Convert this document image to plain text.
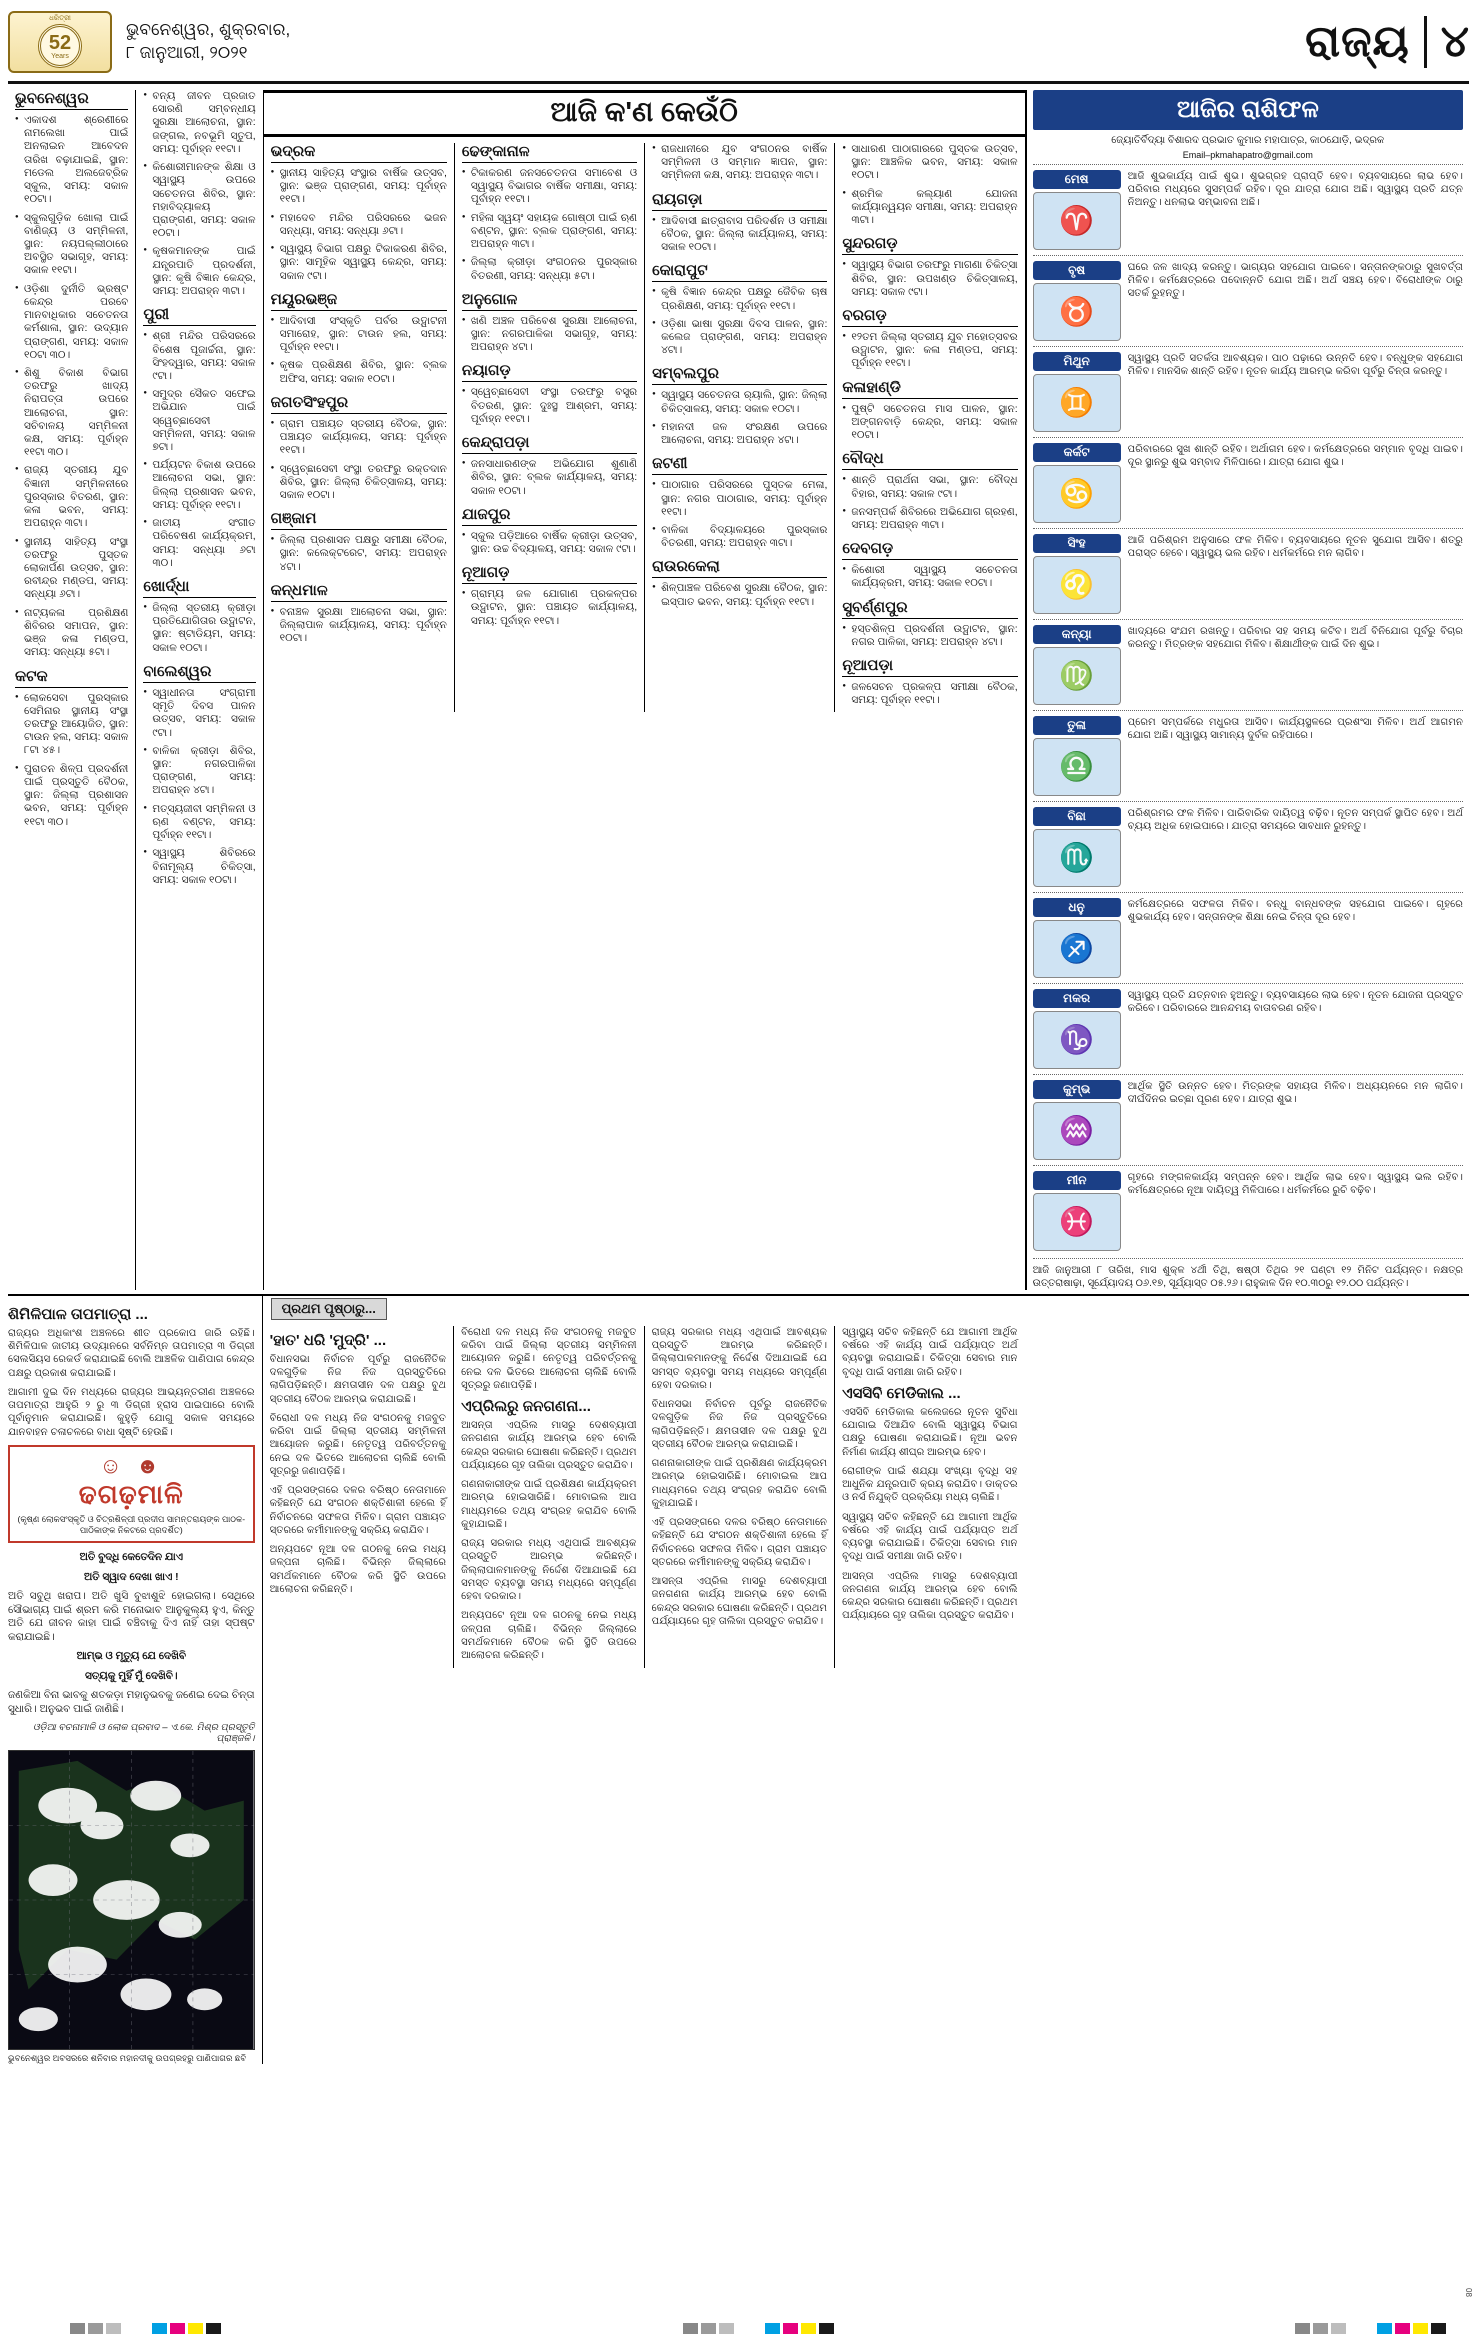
ଧରିତ୍ରୀ
52
Years
ଭୁବନେଶ୍ୱର, ଶୁକ୍ରବାର,
୮ ଜାନୁଆରୀ, ୨୦୨୧	ରାଜ୍ୟ ୪
ଭୁବନେଶ୍ୱର
● ଏକାଦଶ ଶ୍ରେଣୀରେ ନାମଲେଖା ପାଇଁ ଅନଲାଇନ ଆବେଦନ ତାରିଖ ବଢ଼ାଯାଇଛି, ସ୍ଥାନ: ମଡେଲ ଅଲଜେବ୍ରିକ ସ୍କୁଲ, ସମୟ: ସକାଳ ୧୦ଟା।
● ସ୍କୁଲଗୁଡ଼ିକ ଖୋଲା ପାଇଁ ବାଣିଜ୍ୟ ଓ ସମ୍ମିଳନୀ, ସ୍ଥାନ: ନୟପଲ୍ଲୀଠାରେ ଅବସ୍ଥିତ ସଭାଗୃହ, ସମୟ: ସକାଳ ୧୧ଟା।
● ଓଡ଼ିଶା ଦୁର୍ନୀତି ଭ୍ରଷ୍ଟ କେନ୍ଦ୍ର ପରବେ ମାନବାଧିକାର ସଚେତନତା କର୍ମଶାଳା, ସ୍ଥାନ: ଉଦ୍ୟାନ ପ୍ରାଙ୍ଗଣ, ସମୟ: ସକାଳ ୧୦ଟା ୩୦।
● ଶିଶୁ ବିକାଶ ବିଭାଗ ତରଫରୁ ଖାଦ୍ୟ ନିରାପତ୍ତା ଉପରେ ଆଲୋଚନା, ସ୍ଥାନ: ସଚିବାଳୟ ସମ୍ମିଳନୀ କକ୍ଷ, ସମୟ: ପୂର୍ବାହ୍ନ ୧୧ଟା ୩୦।
● ରାଜ୍ୟ ସ୍ତରୀୟ ଯୁବ ବିଜ୍ଞାନୀ ସମ୍ମିଳନୀରେ ପୁରସ୍କାର ବିତରଣ, ସ୍ଥାନ: କଳା ଭବନ, ସମୟ: ଅପରାହ୍ନ ୩ଟା।
● ସ୍ଥାନୀୟ ସାହିତ୍ୟ ସଂସ୍ଥା ତରଫରୁ ପୁସ୍ତକ ଲୋକାର୍ପଣ ଉତ୍ସବ, ସ୍ଥାନ: ରବୀନ୍ଦ୍ର ମଣ୍ଡପ, ସମୟ: ସନ୍ଧ୍ୟା ୬ଟା।
● ନାଟ୍ୟକଳା ପ୍ରଶିକ୍ଷଣ ଶିବିରର ସମାପନ, ସ୍ଥାନ: ଭଞ୍ଜ କଳା ମଣ୍ଡପ, ସମୟ: ସନ୍ଧ୍ୟା ୫ଟା।
କଟକ
● ଲୋକସେବା ପୁରସ୍କାର ସେମିନାର ସ୍ଥାନୀୟ ସଂସ୍ଥା ତରଫରୁ ଆୟୋଜିତ, ସ୍ଥାନ: ଟାଉନ ହଲ, ସମୟ: ସକାଳ ୮ଟା ୪୫।
● ପୁରାତନ ଶିଳ୍ପ ପ୍ରଦର୍ଶନୀ ପାଇଁ ପ୍ରସ୍ତୁତି ବୈଠକ, ସ୍ଥାନ: ଜିଲ୍ଲା ପ୍ରଶାସନ ଭବନ, ସମୟ: ପୂର୍ବାହ୍ନ ୧୧ଟା ୩୦।
● ବନ୍ୟ ଜୀବନ ପ୍ରଜାତ ସୋରଣି ସମ୍ବନ୍ଧୀୟ ସୁରକ୍ଷା ଆଲୋଚନା, ସ୍ଥାନ: ଜଙ୍ଗଲ, ନବଭୂମି ସ୍ତୁପ, ସମୟ: ପୂର୍ବାହ୍ନ ୧୧ଟା।
● କିଶୋରୀମାନଙ୍କ ଶିକ୍ଷା ଓ ସ୍ୱାସ୍ଥ୍ୟ ଉପରେ ସଚେତନତା ଶିବିର, ସ୍ଥାନ: ମହାବିଦ୍ୟାଳୟ ପ୍ରାଙ୍ଗଣ, ସମୟ: ସକାଳ ୧୦ଟା।
● କୃଷକମାନଙ୍କ ପାଇଁ ଯନ୍ତ୍ରପାତି ପ୍ରଦର୍ଶନୀ, ସ୍ଥାନ: କୃଷି ବିଜ୍ଞାନ କେନ୍ଦ୍ର, ସମୟ: ଅପରାହ୍ନ ୩ଟା।
ପୁରୀ
● ଶ୍ରୀ ମନ୍ଦିର ପରିସରରେ ବିଶେଷ ପୂଜାର୍ଚ୍ଚନା, ସ୍ଥାନ: ସିଂହଦ୍ୱାର, ସମୟ: ସକାଳ ୯ଟା।
● ସମୁଦ୍ର ସୈକତ ସଫେଇ ଅଭିଯାନ ପାଇଁ ସ୍ୱେଚ୍ଛାସେବୀ ସମ୍ମିଳନୀ, ସମୟ: ସକାଳ ୭ଟା।
● ପର୍ଯ୍ୟଟନ ବିକାଶ ଉପରେ ଆଲୋଚନା ସଭା, ସ୍ଥାନ: ଜିଲ୍ଲା ପ୍ରଶାସନ ଭବନ, ସମୟ: ପୂର୍ବାହ୍ନ ୧୧ଟା।
● ଜାତୀୟ ସଂଗୀତ ପରିବେଷଣ କାର୍ଯ୍ୟକ୍ରମ, ସମୟ: ସନ୍ଧ୍ୟା ୬ଟା ୩୦।
ଖୋର୍ଦ୍ଧା
● ଜିଲ୍ଲା ସ୍ତରୀୟ କ୍ରୀଡ଼ା ପ୍ରତିଯୋଗିତାର ଉଦ୍ଘାଟନ, ସ୍ଥାନ: ଷ୍ଟାଡିୟମ, ସମୟ: ସକାଳ ୧୦ଟା।
ବାଲେଶ୍ୱର
● ସ୍ୱାଧୀନତା ସଂଗ୍ରାମୀ ସ୍ମୃତି ଦିବସ ପାଳନ ଉତ୍ସବ, ସମୟ: ସକାଳ ୯ଟା।
● ବାଳିକା କ୍ରୀଡ଼ା ଶିବିର, ସ୍ଥାନ: ନଗରପାଳିକା ପ୍ରାଙ୍ଗଣ, ସମୟ: ଅପରାହ୍ନ ୪ଟା।
● ମତ୍ସ୍ୟଜୀବୀ ସମ୍ମିଳନୀ ଓ ଋଣ ବଣ୍ଟନ, ସମୟ: ପୂର୍ବାହ୍ନ ୧୧ଟା।
● ସ୍ୱାସ୍ଥ୍ୟ ଶିବିରରେ ବିନାମୂଲ୍ୟ ଚିକିତ୍ସା, ସମୟ: ସକାଳ ୧୦ଟା।
ଆଜି କ'ଣ କେଉଁଠି
ଭଦ୍ରକ
● ସ୍ଥାନୀୟ ସାହିତ୍ୟ ସଂସ୍ଥାର ବାର୍ଷିକ ଉତ୍ସବ, ସ୍ଥାନ: ଭଞ୍ଜ ପ୍ରାଙ୍ଗଣ, ସମୟ: ପୂର୍ବାହ୍ନ ୧୧ଟା।
● ମହାଦେବ ମନ୍ଦିର ପରିସରରେ ଭଜନ ସନ୍ଧ୍ୟା, ସମୟ: ସନ୍ଧ୍ୟା ୬ଟା।
● ସ୍ୱାସ୍ଥ୍ୟ ବିଭାଗ ପକ୍ଷରୁ ଟିକାକରଣ ଶିବିର, ସ୍ଥାନ: ସାମୂହିକ ସ୍ୱାସ୍ଥ୍ୟ କେନ୍ଦ୍ର, ସମୟ: ସକାଳ ୯ଟା।
ମୟୂରଭଞ୍ଜ
● ଆଦିବାସୀ ସଂସ୍କୃତି ପର୍ବର ଉଦ୍ଘାଟନୀ ସମାରୋହ, ସ୍ଥାନ: ଟାଉନ ହଲ, ସମୟ: ପୂର୍ବାହ୍ନ ୧୧ଟା।
● କୃଷକ ପ୍ରଶିକ୍ଷଣ ଶିବିର, ସ୍ଥାନ: ବ୍ଲକ ଅଫିସ, ସମୟ: ସକାଳ ୧୦ଟା।
ଜଗତସିଂହପୁର
● ଗ୍ରାମ ପଞ୍ଚାୟତ ସ୍ତରୀୟ ବୈଠକ, ସ୍ଥାନ: ପଞ୍ଚାୟତ କାର୍ଯ୍ୟାଳୟ, ସମୟ: ପୂର୍ବାହ୍ନ ୧୧ଟା।
● ସ୍ୱେଚ୍ଛାସେବୀ ସଂସ୍ଥା ତରଫରୁ ରକ୍ତଦାନ ଶିବିର, ସ୍ଥାନ: ଜିଲ୍ଲା ଚିକିତ୍ସାଳୟ, ସମୟ: ସକାଳ ୧୦ଟା।
ଗଞ୍ଜାମ
● ଜିଲ୍ଲା ପ୍ରଶାସନ ପକ୍ଷରୁ ସମୀକ୍ଷା ବୈଠକ, ସ୍ଥାନ: କଲେକ୍ଟରେଟ, ସମୟ: ଅପରାହ୍ନ ୪ଟା।
କନ୍ଧମାଳ
● ବନାଞ୍ଚଳ ସୁରକ୍ଷା ଆଲୋଚନା ସଭା, ସ୍ଥାନ: ଜିଲ୍ଲାପାଳ କାର୍ଯ୍ୟାଳୟ, ସମୟ: ପୂର୍ବାହ୍ନ ୧୦ଟା।
ଢେଙ୍କାନାଳ
● ଟିକାକରଣ ଜନସଚେତନତା ସମାବେଶ ଓ ସ୍ୱାସ୍ଥ୍ୟ ବିଭାଗର ବାର୍ଷିକ ସମୀକ୍ଷା, ସମୟ: ପୂର୍ବାହ୍ନ ୧୧ଟା।
● ମହିଳା ସ୍ୱୟଂ ସହାୟକ ଗୋଷ୍ଠୀ ପାଇଁ ଋଣ ବଣ୍ଟନ, ସ୍ଥାନ: ବ୍ଲକ ପ୍ରାଙ୍ଗଣ, ସମୟ: ଅପରାହ୍ନ ୩ଟା।
● ଜିଲ୍ଲା କ୍ରୀଡ଼ା ସଂଗଠନର ପୁରସ୍କାର ବିତରଣୀ, ସମୟ: ସନ୍ଧ୍ୟା ୫ଟା।
ଅନୁଗୋଳ
● ଖଣି ଅଞ୍ଚଳ ପରିବେଶ ସୁରକ୍ଷା ଆଲୋଚନା, ସ୍ଥାନ: ନଗରପାଳିକା ସଭାଗୃହ, ସମୟ: ଅପରାହ୍ନ ୪ଟା।
ନୟାଗଡ଼
● ସ୍ୱେଚ୍ଛାସେବୀ ସଂସ୍ଥା ତରଫରୁ ବସ୍ତ୍ର ବିତରଣ, ସ୍ଥାନ: ଦୁଃସ୍ଥ ଆଶ୍ରମ, ସମୟ: ପୂର୍ବାହ୍ନ ୧୧ଟା।
କେନ୍ଦ୍ରାପଡ଼ା
● ଜନସାଧାରଣଙ୍କ ଅଭିଯୋଗ ଶୁଣାଣି ଶିବିର, ସ୍ଥାନ: ବ୍ଲକ କାର୍ଯ୍ୟାଳୟ, ସମୟ: ସକାଳ ୧୦ଟା।
ଯାଜପୁର
● ସ୍କୁଲ ପଡ଼ିଆରେ ବାର୍ଷିକ କ୍ରୀଡ଼ା ଉତ୍ସବ, ସ୍ଥାନ: ଉଚ୍ଚ ବିଦ୍ୟାଳୟ, ସମୟ: ସକାଳ ୯ଟା।
ନୂଆଗଡ଼
● ଗ୍ରାମ୍ୟ ଜଳ ଯୋଗାଣ ପ୍ରକଳ୍ପର ଉଦ୍ଘାଟନ, ସ୍ଥାନ: ପଞ୍ଚାୟତ କାର୍ଯ୍ୟାଳୟ, ସମୟ: ପୂର୍ବାହ୍ନ ୧୧ଟା।
● ରାଜଧାନୀରେ ଯୁବ ସଂଗଠନର ବାର୍ଷିକ ସମ୍ମିଳନୀ ଓ ସମ୍ମାନ ଜ୍ଞାପନ, ସ୍ଥାନ: ସମ୍ମିଳନୀ କକ୍ଷ, ସମୟ: ଅପରାହ୍ନ ୩ଟା।
ରାୟଗଡ଼ା
● ଆଦିବାସୀ ଛାତ୍ରାବାସ ପରିଦର୍ଶନ ଓ ସମୀକ୍ଷା ବୈଠକ, ସ୍ଥାନ: ଜିଲ୍ଲା କାର୍ଯ୍ୟାଳୟ, ସମୟ: ସକାଳ ୧୦ଟା।
କୋରାପୁଟ
● କୃଷି ବିଜ୍ଞାନ କେନ୍ଦ୍ର ପକ୍ଷରୁ ଜୈବିକ ଚାଷ ପ୍ରଶିକ୍ଷଣ, ସମୟ: ପୂର୍ବାହ୍ନ ୧୧ଟା।
● ଓଡ଼ିଶା ଭାଷା ସୁରକ୍ଷା ଦିବସ ପାଳନ, ସ୍ଥାନ: କଲେଜ ପ୍ରାଙ୍ଗଣ, ସମୟ: ଅପରାହ୍ନ ୪ଟା।
ସମ୍ବଲପୁର
● ସ୍ୱାସ୍ଥ୍ୟ ସଚେତନତା ର‌୍ୟାଲି, ସ୍ଥାନ: ଜିଲ୍ଲା ଚିକିତ୍ସାଳୟ, ସମୟ: ସକାଳ ୧୦ଟା।
● ମହାନଦୀ ଜଳ ସଂରକ୍ଷଣ ଉପରେ ଆଲୋଚନା, ସମୟ: ଅପରାହ୍ନ ୪ଟା।
ଜଟଣୀ
● ପାଠାଗାର ପରିସରରେ ପୁସ୍ତକ ମେଳା, ସ୍ଥାନ: ନଗର ପାଠାଗାର, ସମୟ: ପୂର୍ବାହ୍ନ ୧୧ଟା।
● ବାଳିକା ବିଦ୍ୟାଳୟରେ ପୁରସ୍କାର ବିତରଣୀ, ସମୟ: ଅପରାହ୍ନ ୩ଟା।
ରାଉରକେଲା
● ଶିଳ୍ପାଞ୍ଚଳ ପରିବେଶ ସୁରକ୍ଷା ବୈଠକ, ସ୍ଥାନ: ଇସ୍ପାତ ଭବନ, ସମୟ: ପୂର୍ବାହ୍ନ ୧୧ଟା।
● ସାଧାରଣ ପାଠାଗାରରେ ପୁସ୍ତକ ଉତ୍ସବ, ସ୍ଥାନ: ଆଞ୍ଚଳିକ ଭବନ, ସମୟ: ସକାଳ ୧୦ଟା।
● ଶ୍ରମିକ କଲ୍ୟାଣ ଯୋଜନା କାର୍ଯ୍ୟାନ୍ୱୟନ ସମୀକ୍ଷା, ସମୟ: ଅପରାହ୍ନ ୩ଟା।
ସୁନ୍ଦରଗଡ଼
● ସ୍ୱାସ୍ଥ୍ୟ ବିଭାଗ ତରଫରୁ ମାଗଣା ଚିକିତ୍ସା ଶିବିର, ସ୍ଥାନ: ଉପଖଣ୍ଡ ଚିକିତ୍ସାଳୟ, ସମୟ: ସକାଳ ୯ଟା।
ବରଗଡ଼
● ୧୨ତମ ଜିଲ୍ଲା ସ୍ତରୀୟ ଯୁବ ମହୋତ୍ସବର ଉଦ୍ଘାଟନ, ସ୍ଥାନ: କଳା ମଣ୍ଡପ, ସମୟ: ପୂର୍ବାହ୍ନ ୧୧ଟା।
କଳାହାଣ୍ଡି
● ପୁଷ୍ଟି ସଚେତନତା ମାସ ପାଳନ, ସ୍ଥାନ: ଅଙ୍ଗନବାଡ଼ି କେନ୍ଦ୍ର, ସମୟ: ସକାଳ ୧୦ଟା।
ବୌଦ୍ଧ
● ଶାନ୍ତି ପ୍ରାର୍ଥନା ସଭା, ସ୍ଥାନ: ବୌଦ୍ଧ ବିହାର, ସମୟ: ସକାଳ ୯ଟା।
● ଜନସମ୍ପର୍କ ଶିବିରରେ ଅଭିଯୋଗ ଗ୍ରହଣ, ସମୟ: ଅପରାହ୍ନ ୩ଟା।
ଦେବଗଡ଼
● କିଶୋରୀ ସ୍ୱାସ୍ଥ୍ୟ ସଚେତନତା କାର୍ଯ୍ୟକ୍ରମ, ସମୟ: ସକାଳ ୧୦ଟା।
ସୁବର୍ଣ୍ଣପୁର
● ହସ୍ତଶିଳ୍ପ ପ୍ରଦର୍ଶନୀ ଉଦ୍ଘାଟନ, ସ୍ଥାନ: ନଗର ପାଳିକା, ସମୟ: ଅପରାହ୍ନ ୪ଟା।
ନୂଆପଡ଼ା
● ଜଳସେଚନ ପ୍ରକଳ୍ପ ସମୀକ୍ଷା ବୈଠକ, ସମୟ: ପୂର୍ବାହ୍ନ ୧୧ଟା।
ଆଜିର ରାଶିଫଳ
ଜ୍ୟୋତିର୍ବିଦ୍ୟା ବିଶାରଦ ପ୍ରଭାତ କୁମାର ମହାପାତ୍ର, କାଠଯୋଡ଼ି, ଭଦ୍ରକ
Email–pkmahapatro@gmail.com
ମେଷ
♈
ଆଜି ଶୁଭକାର୍ଯ୍ୟ ପାଇଁ ଶୁଭ। ଶୁଭଗ୍ରହ ପ୍ରାପ୍ତି ହେବ। ବ୍ୟବସାୟରେ ଲାଭ ହେବ। ପରିବାର ମଧ୍ୟରେ ସୁସମ୍ପର୍କ ରହିବ। ଦୂର ଯାତ୍ରା ଯୋଗ ଅଛି। ସ୍ୱାସ୍ଥ୍ୟ ପ୍ରତି ଯତ୍ନ ନିଅନ୍ତୁ। ଧନଲାଭ ସମ୍ଭାବନା ଅଛି।
ବୃଷ
♉
ଘରେ ଜଳ ଖାଦ୍ୟ କରନ୍ତୁ। ଭାଗ୍ୟର ସହଯୋଗ ପାଇବେ। ସନ୍ତାନଙ୍କଠାରୁ ସୁଖବର୍ତ୍ତା ମିଳିବ। କର୍ମକ୍ଷେତ୍ରରେ ପଦୋନ୍ନତି ଯୋଗ ଅଛି। ଅର୍ଥ ସଞ୍ଚୟ ହେବ। ବିରୋଧୀଙ୍କ ଠାରୁ ସତର୍କ ରୁହନ୍ତୁ।
ମିଥୁନ
♊
ସ୍ୱାସ୍ଥ୍ୟ ପ୍ରତି ସତର୍କତା ଆବଶ୍ୟକ। ପାଠ ପଢ଼ାରେ ଉନ୍ନତି ହେବ। ବନ୍ଧୁଙ୍କ ସହଯୋଗ ମିଳିବ। ମାନସିକ ଶାନ୍ତି ରହିବ। ନୂତନ କାର୍ଯ୍ୟ ଆରମ୍ଭ କରିବା ପୂର୍ବରୁ ଚିନ୍ତା କରନ୍ତୁ।
କର୍କଟ
♋
ପରିବାରରେ ସୁଖ ଶାନ୍ତି ରହିବ। ଅର୍ଥାଗମ ହେବ। କର୍ମକ୍ଷେତ୍ରରେ ସମ୍ମାନ ବୃଦ୍ଧି ପାଇବ। ଦୂର ସ୍ଥାନରୁ ଶୁଭ ସମ୍ବାଦ ମିଳିପାରେ। ଯାତ୍ରା ଯୋଗ ଶୁଭ।
ସିଂହ
♌
ଆଜି ପରିଶ୍ରମ ଅନୁସାରେ ଫଳ ମିଳିବ। ବ୍ୟବସାୟରେ ନୂତନ ସୁଯୋଗ ଆସିବ। ଶତ୍ରୁ ପରାସ୍ତ ହେବେ। ସ୍ୱାସ୍ଥ୍ୟ ଭଲ ରହିବ। ଧର୍ମକର୍ମରେ ମନ ଲାଗିବ।
କନ୍ୟା
♍
ଖାଦ୍ୟରେ ସଂଯମ ରଖନ୍ତୁ। ପରିବାର ସହ ସମୟ କଟିବ। ଅର୍ଥ ବିନିଯୋଗ ପୂର୍ବରୁ ବିଚାର କରନ୍ତୁ। ମିତ୍ରଙ୍କ ସହଯୋଗ ମିଳିବ। ଶିକ୍ଷାର୍ଥୀଙ୍କ ପାଇଁ ଦିନ ଶୁଭ।
ତୁଳା
♎
ପ୍ରେମ ସମ୍ପର୍କରେ ମଧୁରତା ଆସିବ। କାର୍ଯ୍ୟସ୍ଥଳରେ ପ୍ରଶଂସା ମିଳିବ। ଅର୍ଥ ଆଗମନ ଯୋଗ ଅଛି। ସ୍ୱାସ୍ଥ୍ୟ ସାମାନ୍ୟ ଦୁର୍ବଳ ରହିପାରେ।
ବିଛା
♏
ପରିଶ୍ରମର ଫଳ ମିଳିବ। ପାରିବାରିକ ଦାୟିତ୍ୱ ବଢ଼ିବ। ନୂତନ ସମ୍ପର୍କ ସ୍ଥାପିତ ହେବ। ଅର୍ଥ ବ୍ୟୟ ଅଧିକ ହୋଇପାରେ। ଯାତ୍ରା ସମୟରେ ସାବଧାନ ରୁହନ୍ତୁ।
ଧନୁ
♐
କର୍ମକ୍ଷେତ୍ରରେ ସଫଳତା ମିଳିବ। ବନ୍ଧୁ ବାନ୍ଧବଙ୍କ ସହଯୋଗ ପାଇବେ। ଗୃହରେ ଶୁଭକାର୍ଯ୍ୟ ହେବ। ସନ୍ତାନଙ୍କ ଶିକ୍ଷା ନେଇ ଚିନ୍ତା ଦୂର ହେବ।
ମକର
♑
ସ୍ୱାସ୍ଥ୍ୟ ପ୍ରତି ଯତ୍ନବାନ ହୁଅନ୍ତୁ। ବ୍ୟବସାୟରେ ଲାଭ ହେବ। ନୂତନ ଯୋଜନା ପ୍ରସ୍ତୁତ କରିବେ। ପରିବାରରେ ଆନନ୍ଦମୟ ବାତାବରଣ ରହିବ।
କୁମ୍ଭ
♒
ଆର୍ଥିକ ସ୍ଥିତି ଉନ୍ନତ ହେବ। ମିତ୍ରଙ୍କ ସହାୟତା ମିଳିବ। ଅଧ୍ୟୟନରେ ମନ ଲାଗିବ। ଦୀର୍ଘଦିନର ଇଚ୍ଛା ପୂରଣ ହେବ। ଯାତ୍ରା ଶୁଭ।
ମୀନ
♓
ଗୃହରେ ମଙ୍ଗଳକାର୍ଯ୍ୟ ସମ୍ପନ୍ନ ହେବ। ଆର୍ଥିକ ଲାଭ ହେବ। ସ୍ୱାସ୍ଥ୍ୟ ଭଲ ରହିବ। କର୍ମକ୍ଷେତ୍ରରେ ନୂଆ ଦାୟିତ୍ୱ ମିଳିପାରେ। ଧର୍ମକର୍ମରେ ରୁଚି ବଢ଼ିବ।
ଆଜି ଜାନୁଆରୀ ୮ ତାରିଖ, ମାସ ଶୁକ୍ଳ ୪ର୍ଥୀ ତିଥି, ଷଷ୍ଠୀ ତିଥିର ୨୧ ଘଣ୍ଟା ୧୨ ମିନିଟ ପର୍ଯ୍ୟନ୍ତ। ନକ୍ଷତ୍ର ଉତ୍ତରାଷାଢ଼ା, ସୂର୍ଯ୍ୟୋଦୟ ୦୬.୧୭, ସୂର୍ଯ୍ୟାସ୍ତ ୦୫.୨୬। ରାହୁକାଳ ଦିନ ୧୦.୩୦ରୁ ୧୨.୦୦ ପର୍ଯ୍ୟନ୍ତ।
ଶିମିଳିପାଳ ତାପମାତ୍ରା ...

ରାଜ୍ୟର ଅଧିକାଂଶ ଅଞ୍ଚଳରେ ଶୀତ ପ୍ରକୋପ ଜାରି ରହିଛି। ଶିମିଳିପାଳ ଜାତୀୟ ଉଦ୍ୟାନରେ ସର୍ବନିମ୍ନ ତାପମାତ୍ରା ୩ ଡିଗ୍ରୀ ସେଲସିୟସ ରେକର୍ଡ କରାଯାଇଛି ବୋଲି ଆଞ୍ଚଳିକ ପାଣିପାଗ କେନ୍ଦ୍ର ପକ୍ଷରୁ ପ୍ରକାଶ କରାଯାଇଛି।

ଆଗାମୀ ଦୁଇ ଦିନ ମଧ୍ୟରେ ରାଜ୍ୟର ଆଭ୍ୟନ୍ତରୀଣ ଅଞ୍ଚଳରେ ତାପମାତ୍ରା ଆହୁରି ୨ ରୁ ୩ ଡିଗ୍ରୀ ହ୍ରାସ ପାଇପାରେ ବୋଲି ପୂର୍ବାନୁମାନ କରାଯାଇଛି। କୁହୁଡ଼ି ଯୋଗୁ ସକାଳ ସମୟରେ ଯାନବାହନ ଚଳାଚଳରେ ବାଧା ସୃଷ୍ଟି ହେଉଛି।

☺ ☻
ଢଗଢ଼ମାଳି
(କୃଷ୍ଣ ଲୋକସଂସ୍କୃତି ଓ ଚିତ୍ରଶିଳ୍ପୀ ପ୍ରଦୀପ ସାମନ୍ତରାୟଙ୍କ ପାଠକ-ପାଠିକାଙ୍କ ନିକଟରେ ପ୍ରଦର୍ଶିତ)
ଅତି ବୁଦ୍ଧି କେତେଦିନ ଯାଏ
ଅତି ସ୍ୱାଦ ଦେଖା ଖାଏ !
ଅତି ସବୁଥି ଖରାପ। ଅତି ଖୁସି ବୁଝାଶୁଝି ହୋଇଗଲା। ସେଥିରେ ସୌଭାଗ୍ୟ ପାଇଁ ଶ୍ରମ କରି ମନୋଭାବ ଆନୁକୁଲ୍ୟ ହୁଏ, କିନ୍ତୁ ଅତି ଯେ ଜୀବନ କାହା ପାଇଁ ବଞ୍ଚିବାକୁ ଦିଏ ନାହିଁ ତାହା ସ୍ପଷ୍ଟ କରାଯାଇଛି।
ଆମ୍ଭ ଓ ମୃତ୍ୟୁ ଯେ ଦେଖିବି
ସତ୍ୟକୁ ମୁହିଁ ମୁଁ ଦେଖିବି।
ଜଣକିଆ ବିନା ଭାବକୁ ଶତକଡ଼ା ମହାନୁଭବକୁ ଜଣେଇ ଦେଇ ଚିନ୍ତା ସୁଧାରି। ଅନୁଭବ ପାଇଁ ଜାଣିଛି।
ଓଡ଼ିଆ ବଚନାମାଳି ଓ ଲୋକ ପ୍ରବାଦ – ଏ.କେ. ମିଶ୍ର ପ୍ରସ୍ତୁତି ପ୍ରାଞ୍ଜଳି।
ଭୁବନେଶ୍ୱର ଅବସରରେ ଶନିବାର ମହାନଦୀକୁ ଉପଗ୍ରହରୁ ପାଣିପାଗର ଛବି
ପ୍ରଥମ ପୃଷ୍ଠାରୁ...
'ହାତ' ଧରି 'ମୁଦ୍ରି' ...

ବିଧାନସଭା ନିର୍ବାଚନ ପୂର୍ବରୁ ରାଜନୈତିକ ଦଳଗୁଡ଼ିକ ନିଜ ନିଜ ପ୍ରସ୍ତୁତିରେ ଲାଗିପଡ଼ିଛନ୍ତି। କ୍ଷମତାସୀନ ଦଳ ପକ୍ଷରୁ ବୁଥ ସ୍ତରୀୟ ବୈଠକ ଆରମ୍ଭ କରାଯାଇଛି।

ବିରୋଧୀ ଦଳ ମଧ୍ୟ ନିଜ ସଂଗଠନକୁ ମଜବୁତ କରିବା ପାଇଁ ଜିଲ୍ଲା ସ୍ତରୀୟ ସମ୍ମିଳନୀ ଆୟୋଜନ କରୁଛି। ନେତୃତ୍ୱ ପରିବର୍ତ୍ତନକୁ ନେଇ ଦଳ ଭିତରେ ଆଲୋଚନା ଚାଲିଛି ବୋଲି ସୂତ୍ରରୁ ଜଣାପଡ଼ିଛି।

ଏହି ପ୍ରସଙ୍ଗରେ ଦଳର ବରିଷ୍ଠ ନେତାମାନେ କହିଛନ୍ତି ଯେ ସଂଗଠନ ଶକ୍ତିଶାଳୀ ହେଲେ ହିଁ ନିର୍ବାଚନରେ ସଫଳତା ମିଳିବ। ଗ୍ରାମ ପଞ୍ଚାୟତ ସ୍ତରରେ କର୍ମୀମାନଙ୍କୁ ସକ୍ରିୟ କରାଯିବ।

ଅନ୍ୟପଟେ ନୂଆ ଦଳ ଗଠନକୁ ନେଇ ମଧ୍ୟ ଜଳ୍ପନା ଚାଲିଛି। ବିଭିନ୍ନ ଜିଲ୍ଲାରେ ସମର୍ଥକମାନେ ବୈଠକ କରି ସ୍ଥିତି ଉପରେ ଆଲୋଚନା କରିଛନ୍ତି।

ବିରୋଧୀ ଦଳ ମଧ୍ୟ ନିଜ ସଂଗଠନକୁ ମଜବୁତ କରିବା ପାଇଁ ଜିଲ୍ଲା ସ୍ତରୀୟ ସମ୍ମିଳନୀ ଆୟୋଜନ କରୁଛି। ନେତୃତ୍ୱ ପରିବର୍ତ୍ତନକୁ ନେଇ ଦଳ ଭିତରେ ଆଲୋଚନା ଚାଲିଛି ବୋଲି ସୂତ୍ରରୁ ଜଣାପଡ଼ିଛି।

ଏପ୍ରିଲରୁ ଜନଗଣନା...

ଆସନ୍ତା ଏପ୍ରିଲ ମାସରୁ ଦେଶବ୍ୟାପୀ ଜନଗଣନା କାର୍ଯ୍ୟ ଆରମ୍ଭ ହେବ ବୋଲି କେନ୍ଦ୍ର ସରକାର ଘୋଷଣା କରିଛନ୍ତି। ପ୍ରଥମ ପର୍ଯ୍ୟାୟରେ ଗୃହ ତାଲିକା ପ୍ରସ୍ତୁତ କରାଯିବ।

ଗଣନାକାରୀଙ୍କ ପାଇଁ ପ୍ରଶିକ୍ଷଣ କାର୍ଯ୍ୟକ୍ରମ ଆରମ୍ଭ ହୋଇସାରିଛି। ମୋବାଇଲ ଆପ ମାଧ୍ୟମରେ ତଥ୍ୟ ସଂଗ୍ରହ କରାଯିବ ବୋଲି କୁହାଯାଇଛି।

ରାଜ୍ୟ ସରକାର ମଧ୍ୟ ଏଥିପାଇଁ ଆବଶ୍ୟକ ପ୍ରସ୍ତୁତି ଆରମ୍ଭ କରିଛନ୍ତି। ଜିଲ୍ଲାପାଳମାନଙ୍କୁ ନିର୍ଦ୍ଦେଶ ଦିଆଯାଇଛି ଯେ ସମସ୍ତ ବ୍ୟବସ୍ଥା ସମୟ ମଧ୍ୟରେ ସମ୍ପୂର୍ଣ୍ଣ ହେବା ଦରକାର।

ଅନ୍ୟପଟେ ନୂଆ ଦଳ ଗଠନକୁ ନେଇ ମଧ୍ୟ ଜଳ୍ପନା ଚାଲିଛି। ବିଭିନ୍ନ ଜିଲ୍ଲାରେ ସମର୍ଥକମାନେ ବୈଠକ କରି ସ୍ଥିତି ଉପରେ ଆଲୋଚନା କରିଛନ୍ତି।

ରାଜ୍ୟ ସରକାର ମଧ୍ୟ ଏଥିପାଇଁ ଆବଶ୍ୟକ ପ୍ରସ୍ତୁତି ଆରମ୍ଭ କରିଛନ୍ତି। ଜିଲ୍ଲାପାଳମାନଙ୍କୁ ନିର୍ଦ୍ଦେଶ ଦିଆଯାଇଛି ଯେ ସମସ୍ତ ବ୍ୟବସ୍ଥା ସମୟ ମଧ୍ୟରେ ସମ୍ପୂର୍ଣ୍ଣ ହେବା ଦରକାର।

ବିଧାନସଭା ନିର୍ବାଚନ ପୂର୍ବରୁ ରାଜନୈତିକ ଦଳଗୁଡ଼ିକ ନିଜ ନିଜ ପ୍ରସ୍ତୁତିରେ ଲାଗିପଡ଼ିଛନ୍ତି। କ୍ଷମତାସୀନ ଦଳ ପକ୍ଷରୁ ବୁଥ ସ୍ତରୀୟ ବୈଠକ ଆରମ୍ଭ କରାଯାଇଛି।

ଗଣନାକାରୀଙ୍କ ପାଇଁ ପ୍ରଶିକ୍ଷଣ କାର୍ଯ୍ୟକ୍ରମ ଆରମ୍ଭ ହୋଇସାରିଛି। ମୋବାଇଲ ଆପ ମାଧ୍ୟମରେ ତଥ୍ୟ ସଂଗ୍ରହ କରାଯିବ ବୋଲି କୁହାଯାଇଛି।

ଏହି ପ୍ରସଙ୍ଗରେ ଦଳର ବରିଷ୍ଠ ନେତାମାନେ କହିଛନ୍ତି ଯେ ସଂଗଠନ ଶକ୍ତିଶାଳୀ ହେଲେ ହିଁ ନିର୍ବାଚନରେ ସଫଳତା ମିଳିବ। ଗ୍ରାମ ପଞ୍ଚାୟତ ସ୍ତରରେ କର୍ମୀମାନଙ୍କୁ ସକ୍ରିୟ କରାଯିବ।

ଆସନ୍ତା ଏପ୍ରିଲ ମାସରୁ ଦେଶବ୍ୟାପୀ ଜନଗଣନା କାର୍ଯ୍ୟ ଆରମ୍ଭ ହେବ ବୋଲି କେନ୍ଦ୍ର ସରକାର ଘୋଷଣା କରିଛନ୍ତି। ପ୍ରଥମ ପର୍ଯ୍ୟାୟରେ ଗୃହ ତାଲିକା ପ୍ରସ୍ତୁତ କରାଯିବ।

ସ୍ୱାସ୍ଥ୍ୟ ସଚିବ କହିଛନ୍ତି ଯେ ଆଗାମୀ ଆର୍ଥିକ ବର୍ଷରେ ଏହି କାର୍ଯ୍ୟ ପାଇଁ ପର୍ଯ୍ୟାପ୍ତ ଅର୍ଥ ବ୍ୟବସ୍ଥା କରାଯାଇଛି। ଚିକିତ୍ସା ସେବାର ମାନ ବୃଦ୍ଧି ପାଇଁ ସମୀକ୍ଷା ଜାରି ରହିବ।

ଏସସିବି ମେଡିକାଲ ...

ଏସସିବି ମେଡିକାଲ କଲେଜରେ ନୂତନ ସୁବିଧା ଯୋଗାଇ ଦିଆଯିବ ବୋଲି ସ୍ୱାସ୍ଥ୍ୟ ବିଭାଗ ପକ୍ଷରୁ ଘୋଷଣା କରାଯାଇଛି। ନୂଆ ଭବନ ନିର୍ମାଣ କାର୍ଯ୍ୟ ଶୀଘ୍ର ଆରମ୍ଭ ହେବ।

ରୋଗୀଙ୍କ ପାଇଁ ଶଯ୍ୟା ସଂଖ୍ୟା ବୃଦ୍ଧି ସହ ଆଧୁନିକ ଯନ୍ତ୍ରପାତି କ୍ରୟ କରାଯିବ। ଡାକ୍ତର ଓ ନର୍ସ ନିଯୁକ୍ତି ପ୍ରକ୍ରିୟା ମଧ୍ୟ ଚାଲିଛି।

ସ୍ୱାସ୍ଥ୍ୟ ସଚିବ କହିଛନ୍ତି ଯେ ଆଗାମୀ ଆର୍ଥିକ ବର୍ଷରେ ଏହି କାର୍ଯ୍ୟ ପାଇଁ ପର୍ଯ୍ୟାପ୍ତ ଅର୍ଥ ବ୍ୟବସ୍ଥା କରାଯାଇଛି। ଚିକିତ୍ସା ସେବାର ମାନ ବୃଦ୍ଧି ପାଇଁ ସମୀକ୍ଷା ଜାରି ରହିବ।

ଆସନ୍ତା ଏପ୍ରିଲ ମାସରୁ ଦେଶବ୍ୟାପୀ ଜନଗଣନା କାର୍ଯ୍ୟ ଆରମ୍ଭ ହେବ ବୋଲି କେନ୍ଦ୍ର ସରକାର ଘୋଷଣା କରିଛନ୍ତି। ପ୍ରଥମ ପର୍ଯ୍ୟାୟରେ ଗୃହ ତାଲିକା ପ୍ରସ୍ତୁତ କରାଯିବ।

08
